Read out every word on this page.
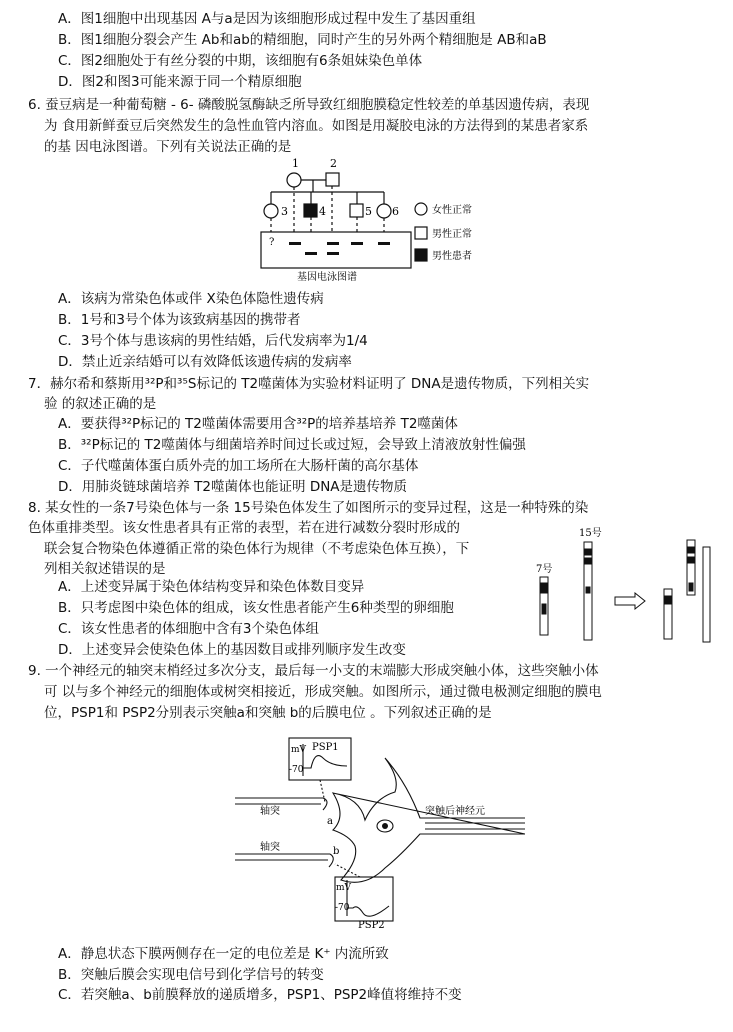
A．图1细胞中出现基因 A与a是因为该细胞形成过程中发生了基因重组
B．图1细胞分裂会产生 Ab和ab的精细胞，同时产生的另外两个精细胞是 AB和aB
C．图2细胞处于有丝分裂的中期，该细胞有6条姐妹染色单体
D．图2和图3可能来源于同一个精原细胞
6. 蚕豆病是一种葡萄糖 - 6- 磷酸脱氢酶缺乏所导致红细胞膜稳定性较差的单基因遗传病，表现
为 食用新鲜蚕豆后突然发生的急性血管内溶血。如图是用凝胶电泳的方法得到的某患者家系
的基 因电泳图谱。下列有关说法正确的是
1	2
3	4	5 6
?
基因电泳图谱
女性正常
男性正常
男性患者
A．该病为常染色体或伴 X染色体隐性遗传病
B．1号和3号个体为该致病基因的携带者
C．3号个体与患该病的男性结婚，后代发病率为1/4
D．禁止近亲结婚可以有效降低该遗传病的发病率
7．赫尔希和蔡斯用³²P和³⁵S标记的 T2噬菌体为实验材料证明了 DNA是遗传物质，下列相关实
验 的叙述正确的是
A．要获得³²P标记的 T2噬菌体需要用含³²P的培养基培养 T2噬菌体
B．³²P标记的 T2噬菌体与细菌培养时间过长或过短，会导致上清液放射性偏强
C．子代噬菌体蛋白质外壳的加工场所在大肠杆菌的高尔基体
D．用肺炎链球菌培养 T2噬菌体也能证明 DNA是遗传物质
8. 某女性的一条7号染色体与一条 15号染色体发生了如图所示的变异过程，这是一种特殊的染
色体重排类型。该女性患者具有正常的表型，若在进行减数分裂时形成的
联会复合物染色体遵循正常的染色体行为规律（不考虑染色体互换），下
列相关叙述错误的是
A．上述变异属于染色体结构变异和染色体数目变异
B．只考虑图中染色体的组成，该女性患者能产生6种类型的卵细胞
C．该女性患者的体细胞中含有3个染色体组
D．上述变异会使染色体上的基因数目或排列顺序发生改变
15号
7号
9. 一个神经元的轴突末梢经过多次分支，最后每一小支的末端膨大形成突触小体，这些突触小体
可 以与多个神经元的细胞体或树突相接近，形成突触。如图所示，通过微电极测定细胞的膜电
位，PSP1和 PSP2分别表示突触a和突触 b的后膜电位 。下列叙述正确的是
mV
-70
PSP1
mV
-70
PSP2
轴突
轴突
突触后神经元
a
b
A．静息状态下膜两侧存在一定的电位差是 K⁺ 内流所致
B．突触后膜会实现电信号到化学信号的转变
C．若突触a、b前膜释放的递质增多，PSP1、PSP2峰值将维持不变
